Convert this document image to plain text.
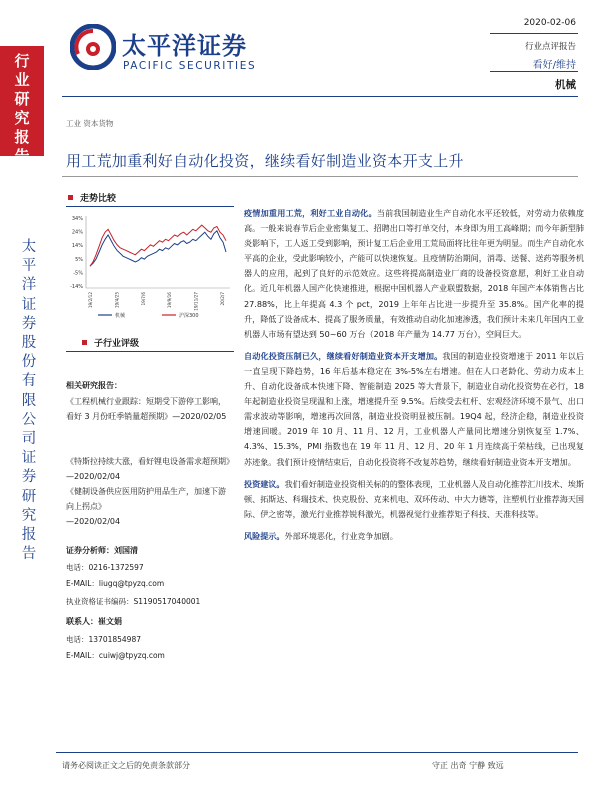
行业研究报告
太平洋证券股份有限公司证券研究报告
太平洋证券
PACIFIC SECURITIES
2020-02-06
行业点评报告
看好/维持
机械
工业 资本货物
用工荒加重利好自动化投资，继续看好制造业资本开支上升
走势比较
34%
24%
14%
5%
-5%
-14%
19/2/12	19/4/25	19/7/6	19/9/16	19/11/27	20/2/7
机械	沪深300
子行业评级
相关研究报告：
《工程机械行业跟踪：短期受下游停工影响，看好 3 月份旺季销量超预期》—2020/02/05
《特斯拉持续大涨，看好锂电设备需求超预期》—2020/02/04
《健制设备供应医用防护用品生产，加速下游向上拐点》
—2020/02/04
证券分析师：刘国清
电话：0216-1372597
E-MAIL：liugq@tpyzq.com
执业资格证书编码：S1190517040001
联系人：崔文娟
电话：13701854987
E-MAIL：cuiwj@tpyzq.com

疫情加重用工荒，利好工业自动化。当前我国制造业生产自动化水平还较低，对劳动力依赖度高。一般来说春节后企业密集复工、招聘出口等打单交付，本身即为用工高峰期；而今年新型肺炎影响下，工人返工受到影响，预计复工后企业用工荒局面将比往年更为明显。而生产自动化水平高的企业，受此影响较小，产能可以快速恢复。且疫情防治期间，消毒、送餐、送药等服务机器人的应用，起到了良好的示范效应。这些将提高制造业厂商的设备投资意愿，利好工业自动化。近几年机器人国产化快速推进，根据中国机器人产业联盟数据，2018 年国产本体销售占比 27.88%，比上年提高 4.3 个 pct，2019 上年年占比进一步提升至 35.8%。国产化率的提升，降低了设备成本、提高了服务质量，有效推动自动化加速渗透，我们预计未来几年国内工业机器人市场有望达到 50~60 万台（2018 年产量为 14.77 万台），空间巨大。

自动化投资压制已久，继续看好制造业资本开支增加。我国的制造业投资增速于 2011 年以后一直呈现下降趋势，16 年后基本稳定在 3%-5%左右增速。但在人口老龄化、劳动力成本上升、自动化设备成本快速下降、智能制造 2025 等大背景下，制造业自动化投资势在必行，18 年起制造业投资呈现温和上涨，增速提升至 9.5%。后续受去杠杆、宏观经济环境不景气、出口需求波动等影响，增速再次回落，制造业投资明显被压制。19Q4 起，经济企稳，制造业投资增速回暖。2019 年 10 月、11 月、12 月，工业机器人产量同比增速分别恢复至 1.7%、4.3%、15.3%，PMI 指数也在 19 年 11 月、12 月、20 年 1 月连续高于荣枯线，已出现复苏迹象。我们预计疫情结束后，自动化投资将不改复苏趋势，继续看好制造业资本开支增加。

投资建议。我们看好制造业投资相关标的的整体表现，工业机器人及自动化推荐汇川技术、埃斯顿、拓斯达、科瑞技术、快克股份、克来机电、双环传动、中大力德等，注塑机行业推荐海天国际、伊之密等，激光行业推荐锐科激光，机器视觉行业推荐矩子科技、天准科技等。

风险提示。外部环境恶化，行业竞争加剧。

请务必阅读正文之后的免责条款部分	守正 出奇 宁静 致远
